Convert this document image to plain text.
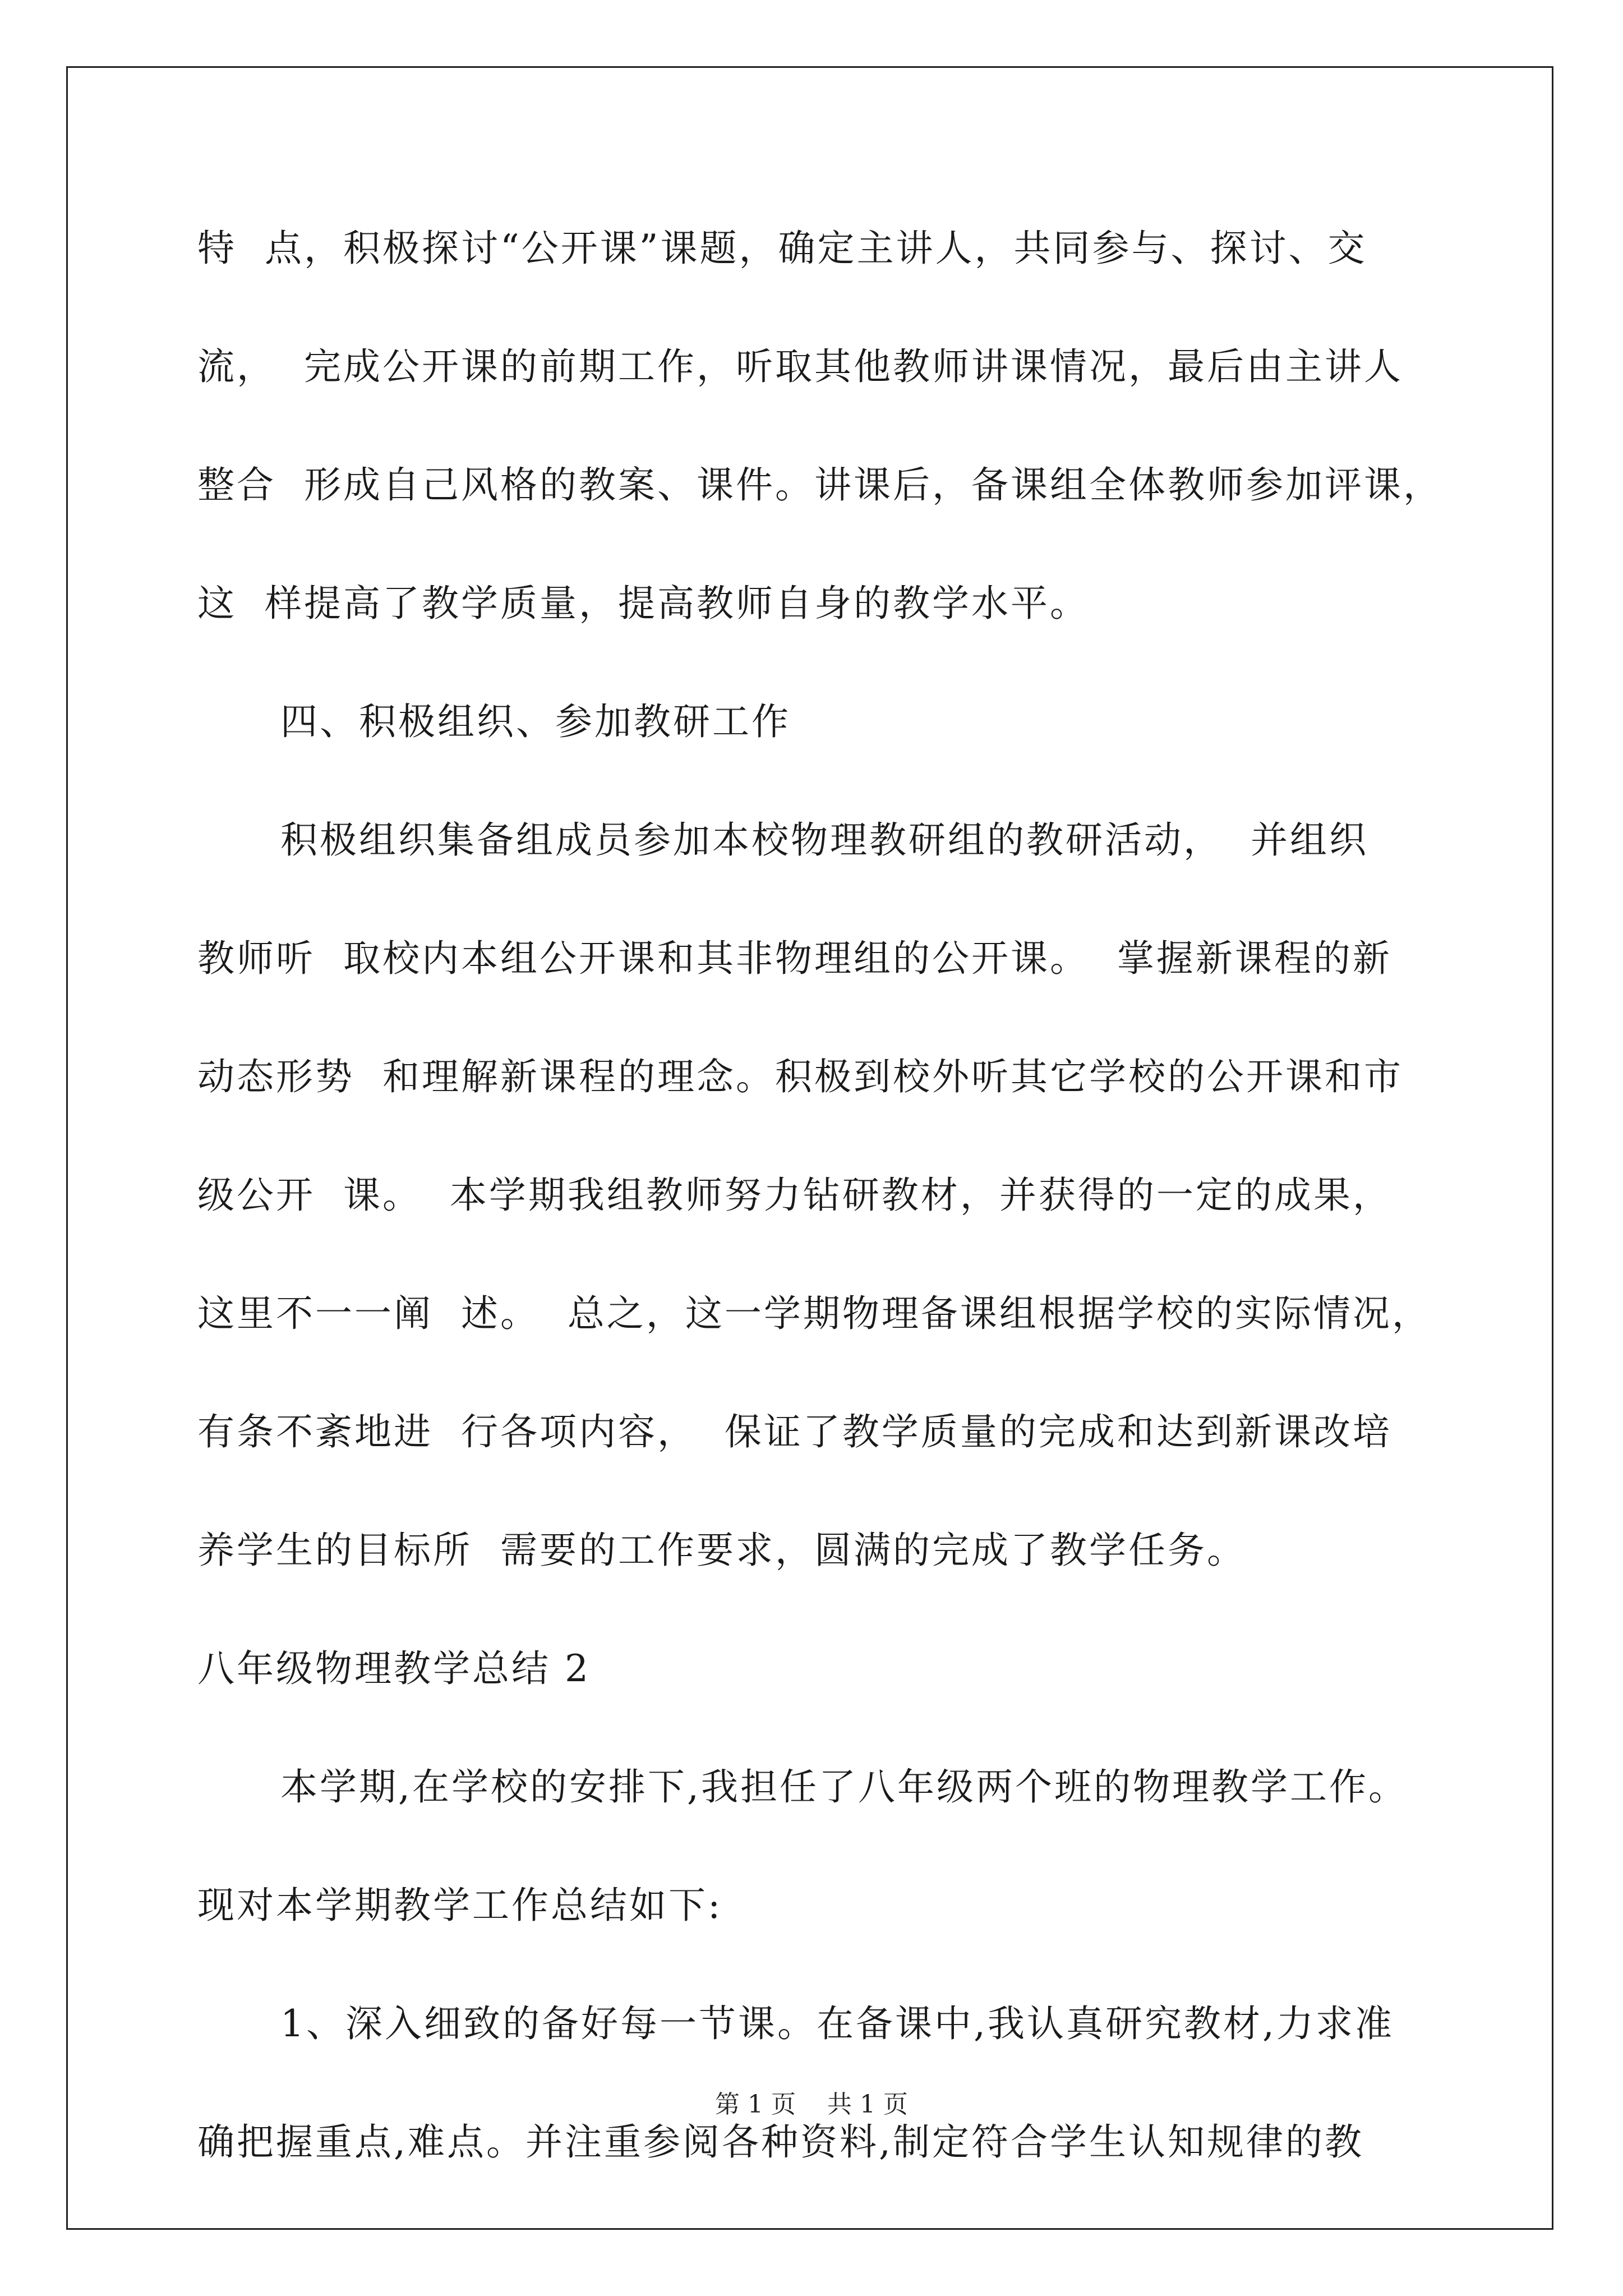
特  点，积极探讨“公开课”课题，确定主讲人，共同参与、探讨、交
流，  完成公开课的前期工作，听取其他教师讲课情况，最后由主讲人
整合  形成自己风格的教案、课件。讲课后，备课组全体教师参加评课，
这  样提高了教学质量，提高教师自身的教学水平。
四、积极组织、参加教研工作
积极组织集备组成员参加本校物理教研组的教研活动，  并组织
教师听  取校内本组公开课和其非物理组的公开课。  掌握新课程的新
动态形势  和理解新课程的理念。积极到校外听其它学校的公开课和市
级公开  课。  本学期我组教师努力钻研教材，并获得的一定的成果，
这里不一一阐  述。  总之，这一学期物理备课组根据学校的实际情况，
有条不紊地进  行各项内容，  保证了教学质量的完成和达到新课改培
养学生的目标所  需要的工作要求，圆满的完成了教学任务。
八年级物理教学总结 2
本学期,在学校的安排下,我担任了八年级两个班的物理教学工作。
现对本学期教学工作总结如下:
1、深入细致的备好每一节课。在备课中,我认真研究教材,力求准
确把握重点,难点。并注重参阅各种资料,制定符合学生认知规律的教
第 1 页    共 1 页
